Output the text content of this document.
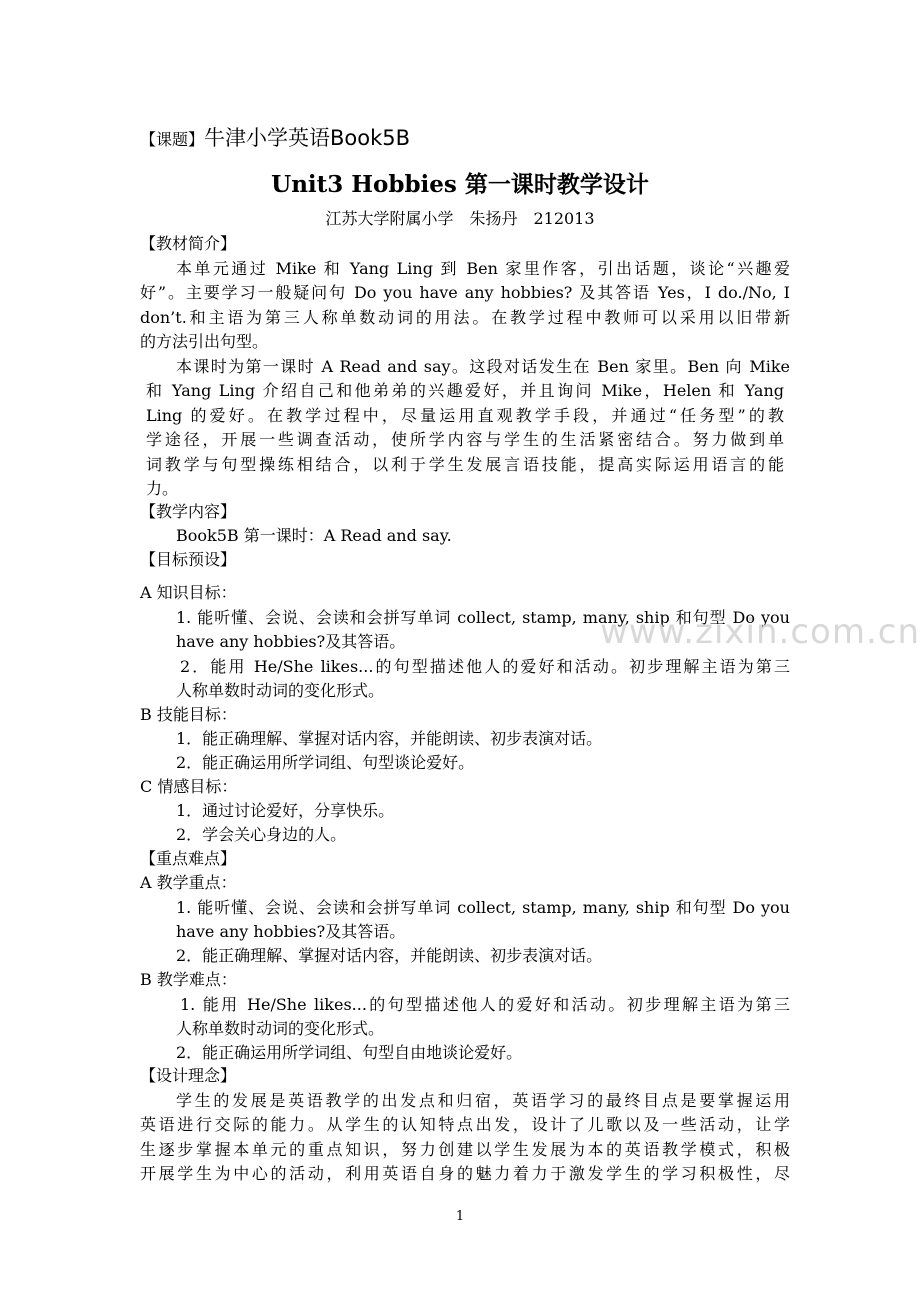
【课题】牛津小学英语Book5B
Unit3 Hobbies 第一课时教学设计
江苏大学附属小学　朱扬丹　212013
【教材简介】
本单元通过 Mike 和 Yang Ling 到 Ben 家里作客，引出话题，谈论“兴趣爱
好”。主要学习一般疑问句 Do you have any hobbies? 及其答语 Yes，I do./No, I
don’t.和主语为第三人称单数动词的用法。在教学过程中教师可以采用以旧带新
的方法引出句型。
本课时为第一课时 A Read and say。这段对话发生在 Ben 家里。Ben 向 Mike
和 Yang Ling 介绍自己和他弟弟的兴趣爱好，并且询问 Mike，Helen 和 Yang
Ling 的爱好。在教学过程中，尽量运用直观教学手段，并通过“任务型”的教
学途径，开展一些调查活动，使所学内容与学生的生活紧密结合。努力做到单
词教学与句型操练相结合，以利于学生发展言语技能，提高实际运用语言的能
力。
【教学内容】
Book5B 第一课时：A Read and say.
【目标预设】
A 知识目标：
1. 能听懂、会说、会读和会拼写单词 collect, stamp, many, ship 和句型 Do you
have any hobbies?及其答语。
2．能用 He/She likes...的句型描述他人的爱好和活动。初步理解主语为第三
人称单数时动词的变化形式。
B 技能目标：
1．能正确理解、掌握对话内容，并能朗读、初步表演对话。
2．能正确运用所学词组、句型谈论爱好。
C 情感目标：
1．通过讨论爱好，分享快乐。
2．学会关心身边的人。
【重点难点】
A 教学重点：
1. 能听懂、会说、会读和会拼写单词 collect, stamp, many, ship 和句型 Do you
have any hobbies?及其答语。
2．能正确理解、掌握对话内容，并能朗读、初步表演对话。
B 教学难点：
1. 能用 He/She likes...的句型描述他人的爱好和活动。初步理解主语为第三
人称单数时动词的变化形式。
2．能正确运用所学词组、句型自由地谈论爱好。
【设计理念】
学生的发展是英语教学的出发点和归宿，英语学习的最终目点是要掌握运用
英语进行交际的能力。从学生的认知特点出发，设计了儿歌以及一些活动，让学
生逐步掌握本单元的重点知识，努力创建以学生发展为本的英语教学模式，积极
开展学生为中心的活动，利用英语自身的魅力着力于激发学生的学习积极性，尽
www.zixin.com.cn
1
